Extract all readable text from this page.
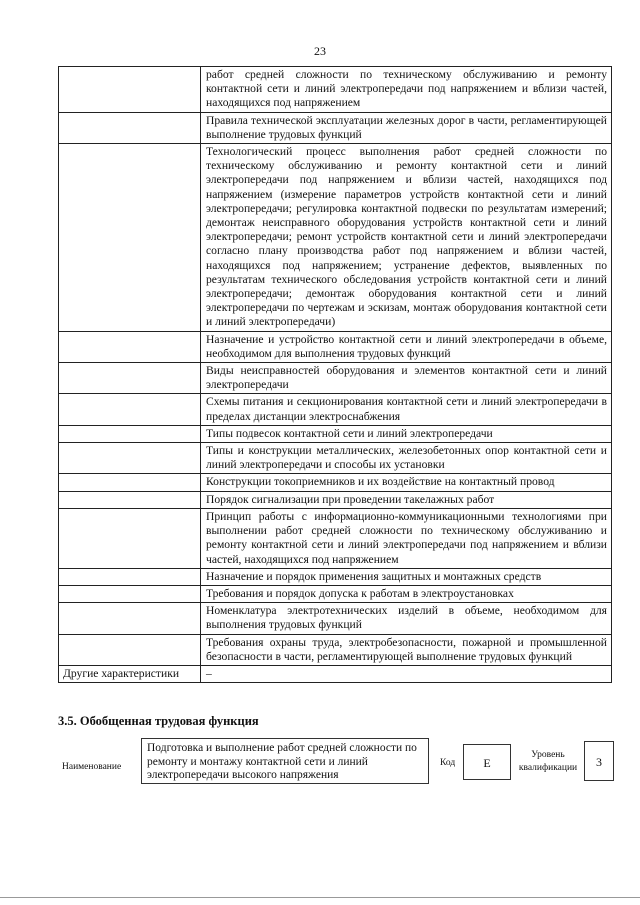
23
	работ средней сложности по техническому обслуживанию и ремонту контактной сети и линий электропередачи под напряжением и вблизи частей, находящихся под напряжением
	Правила технической эксплуатации железных дорог в части, регламентирующей выполнение трудовых функций
	Технологический процесс выполнения работ средней сложности по техническому обслуживанию и ремонту контактной сети и линий электропередачи под напряжением и вблизи частей, находящихся под напряжением (измерение параметров устройств контактной сети и линий электропередачи; регулировка контактной подвески по результатам измерений; демонтаж неисправного оборудования устройств контактной сети и линий электропередачи; ремонт устройств контактной сети и линий электропередачи согласно плану производства работ под напряжением и вблизи частей, находящихся под напряжением; устранение дефектов, выявленных по результатам технического обследования устройств контактной сети и линий электропередачи; демонтаж оборудования контактной сети и линий электропередачи по чертежам и эскизам, монтаж оборудования контактной сети и линий электропередачи)
	Назначение и устройство контактной сети и линий электропередачи в объеме, необходимом для выполнения трудовых функций
	Виды неисправностей оборудования и элементов контактной сети и линий электропередачи
	Схемы питания и секционирования контактной сети и линий электропередачи в пределах дистанции электроснабжения
	Типы подвесок контактной сети и линий электропередачи
	Типы и конструкции металлических, железобетонных опор контактной сети и линий электропередачи и способы их установки
	Конструкции токоприемников и их воздействие на контактный провод
	Порядок сигнализации при проведении такелажных работ
	Принцип работы с информационно-коммуникационными технологиями при выполнении работ средней сложности по техническому обслуживанию и ремонту контактной сети и линий электропередачи под напряжением и вблизи частей, находящихся под напряжением
	Назначение и порядок применения защитных и монтажных средств
	Требования и порядок допуска к работам в электроустановках
	Номенклатура электротехнических изделий в объеме, необходимом для выполнения трудовых функций
	Требования охраны труда, электробезопасности, пожарной и промышленной безопасности в части, регламентирующей выполнение трудовых функций
Другие характеристики	–
3.5. Обобщенная трудовая функция
Наименование
Подготовка и выполнение работ средней сложности по ремонту и монтажу контактной сети и линий электропередачи высокого напряжения
Код	Е
Уровень квалификации	3
